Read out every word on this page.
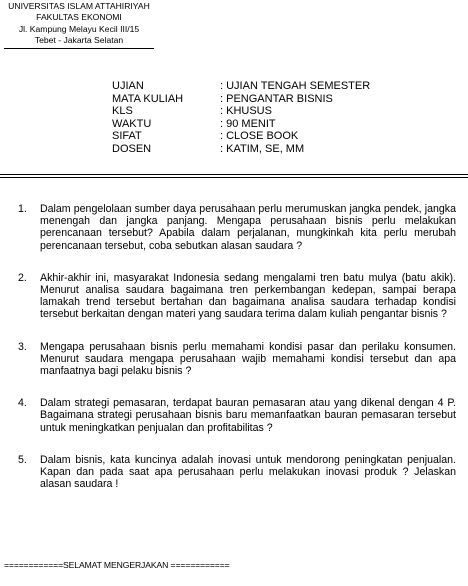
UNIVERSITAS ISLAM ATTAHIRIYAH
FAKULTAS EKONOMI
Jl. Kampung Melayu Kecil III/15
Tebet - Jakarta Selatan
UJIAN	: UJIAN TENGAH SEMESTER
MATA KULIAH	: PENGANTAR BISNIS
KLS	: KHUSUS
WAKTU	: 90 MENIT
SIFAT	: CLOSE BOOK
DOSEN	: KATIM, SE, MM
1.	Dalam pengelolaan sumber daya perusahaan perlu merumuskan jangka pendek, jangka menengah dan jangka panjang. Mengapa perusahaan bisnis perlu melakukan perencanaan tersebut? Apabila dalam perjalanan, mungkinkah kita perlu merubah perencanaan tersebut, coba sebutkan alasan saudara ?
2.	Akhir-akhir ini, masyarakat Indonesia sedang mengalami tren batu mulya (batu akik). Menurut analisa saudara bagaimana tren perkembangan kedepan, sampai berapa lamakah trend tersebut bertahan dan bagaimana analisa saudara terhadap kondisi tersebut berkaitan dengan materi yang saudara terima dalam kuliah pengantar bisnis ?
3.	Mengapa perusahaan bisnis perlu memahami kondisi pasar dan perilaku konsumen. Menurut saudara mengapa perusahaan wajib memahami kondisi tersebut dan apa manfaatnya bagi pelaku bisnis ?
4.	Dalam strategi pemasaran, terdapat bauran pemasaran atau yang dikenal dengan 4 P. Bagaimana strategi perusahaan bisnis baru memanfaatkan bauran pemasaran tersebut untuk meningkatkan penjualan dan profitabilitas ?
5.	Dalam bisnis, kata kuncinya adalah inovasi untuk mendorong peningkatan penjualan. Kapan dan pada saat apa perusahaan perlu melakukan inovasi produk ? Jelaskan alasan saudara !
============SELAMAT MENGERJAKAN ============
